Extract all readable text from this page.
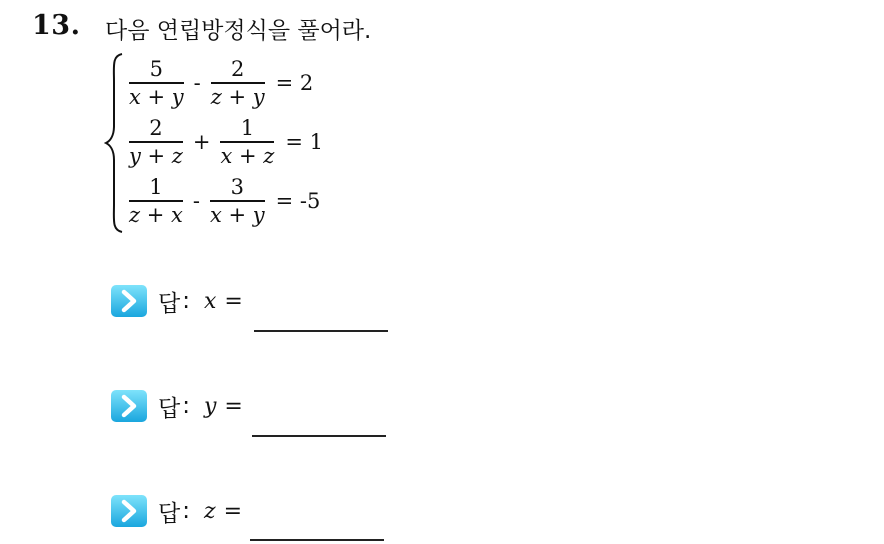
13. 다음 연립방정식을 풀어라.
$\frac{5}{x + y} - \frac{2}{z + y} = 2$
$\frac{2}{y + z} + \frac{1}{x + z} = 1$
$\frac{1}{z + x} - \frac{3}{x + y} = -5$
답 : x =
답 : y =
답 : z =
